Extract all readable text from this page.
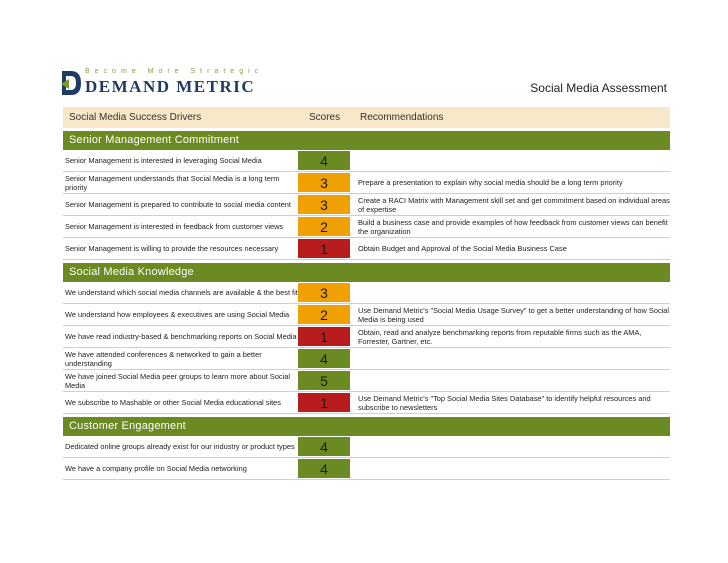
Become More Strategic
DEMAND METRIC	Social Media Assessment
Social Media Success Drivers	Scores Recommendations
Senior Management Commitment
Senior Management is interested in leveraging Social Media	4
Senior Management understands that Social Media is a long term priority	3	Prepare a presentation to explain why social media should be a long term priority
Senior Management is prepared to contribute to social media content	3	Create a RACI Matrix with Management skill set and get commitment based on individual areas of expertise
Senior Management is interested in feedback from customer views	2	Build a business case and provide examples of how feedback from customer views can benefit the organization
Senior Management is willing to provide the resources necessary	1	Obtain Budget and Approval of the Social Media Business Case
Social Media Knowledge
We understand which social media channels are available & the best fit	3
We understand how employees & executives are using Social Media	2	Use Demand Metric's "Social Media Usage Survey" to get a better understanding of how Social Media is being used
We have read industry-based & benchmarking reports on Social Media	1	Obtain, read and analyze benchmarking reports from reputable firms such as the AMA, Forrester, Gartner, etc.
We have attended conferences & networked to gain a better understanding	4
We have joined Social Media peer groups to learn more about Social Media	5
We subscribe to Mashable or other Social Media educational sites	1	Use Demand Metric's "Top Social Media Sites Database" to identify helpful resources and subscribe to newsletters
Customer Engagement
Dedicated online groups already exist for our industry or product types	4
We have a company profile on Social Media networking	4
